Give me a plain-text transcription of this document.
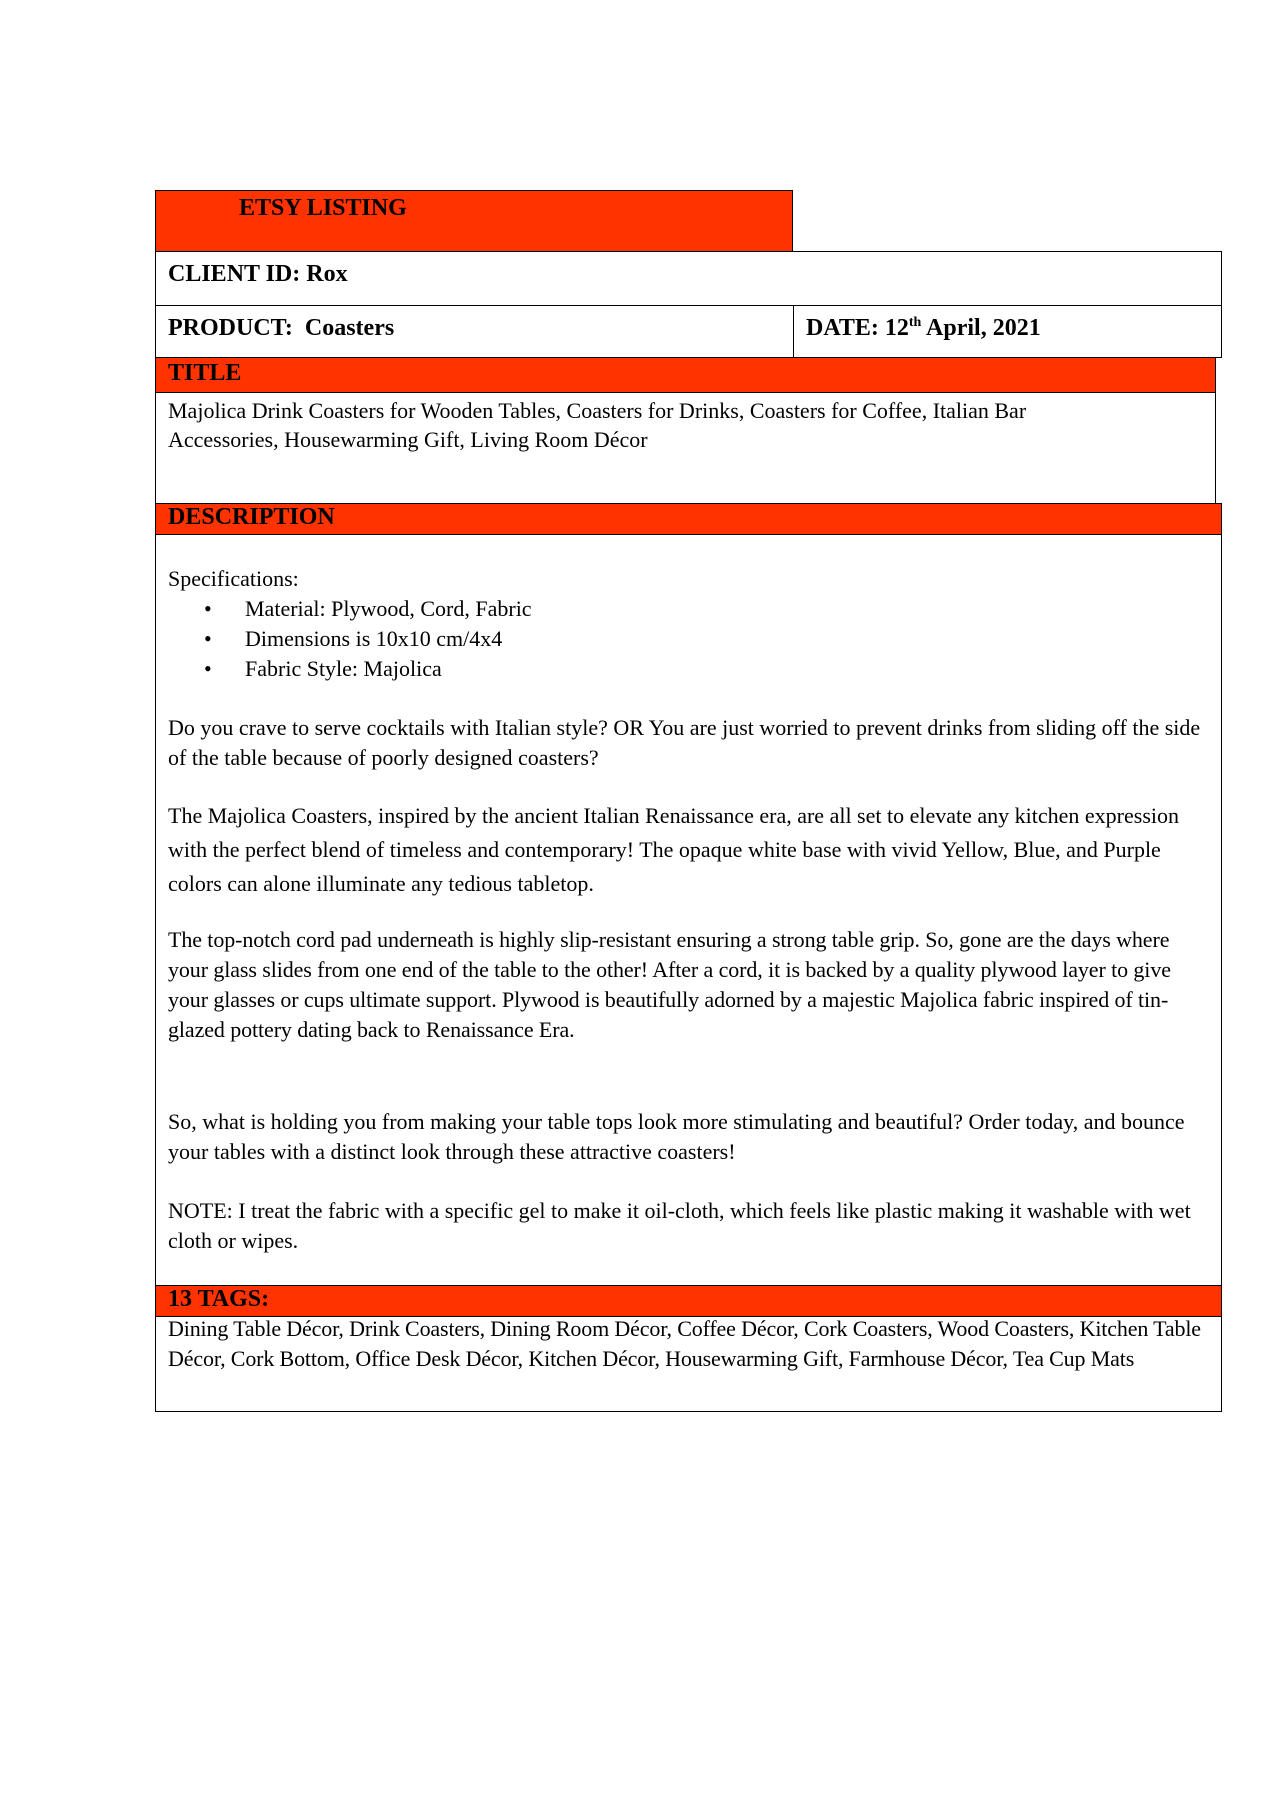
ETSY LISTING
CLIENT ID: Rox
PRODUCT: Coasters	DATE: 12th April, 2021
TITLE
Majolica Drink Coasters for Wooden Tables, Coasters for Drinks, Coasters for Coffee, Italian Bar
Accessories, Housewarming Gift, Living Room Décor
DESCRIPTION

Specifications:

• Material: Plywood, Cord, Fabric
• Dimensions is 10x10 cm/4x4
• Fabric Style: Majolica

Do you crave to serve cocktails with Italian style? OR You are just worried to prevent drinks from sliding off the side of the table because of poorly designed coasters?

The Majolica Coasters, inspired by the ancient Italian Renaissance era, are all set to elevate any kitchen expression with the perfect blend of timeless and contemporary! The opaque white base with vivid Yellow, Blue, and Purple colors can alone illuminate any tedious tabletop.

The top-notch cord pad underneath is highly slip-resistant ensuring a strong table grip. So, gone are the days where your glass slides from one end of the table to the other! After a cord, it is backed by a quality plywood layer to give your glasses or cups ultimate support. Plywood is beautifully adorned by a majestic Majolica fabric inspired of tin-glazed pottery dating back to Renaissance Era.

So, what is holding you from making your table tops look more stimulating and beautiful? Order today, and bounce your tables with a distinct look through these attractive coasters!

NOTE: I treat the fabric with a specific gel to make it oil-cloth, which feels like plastic making it washable with wet cloth or wipes.

13 TAGS:

Dining Table Décor, Drink Coasters, Dining Room Décor, Coffee Décor, Cork Coasters, Wood Coasters, Kitchen Table Décor, Cork Bottom, Office Desk Décor, Kitchen Décor, Housewarming Gift, Farmhouse Décor, Tea Cup Mats
